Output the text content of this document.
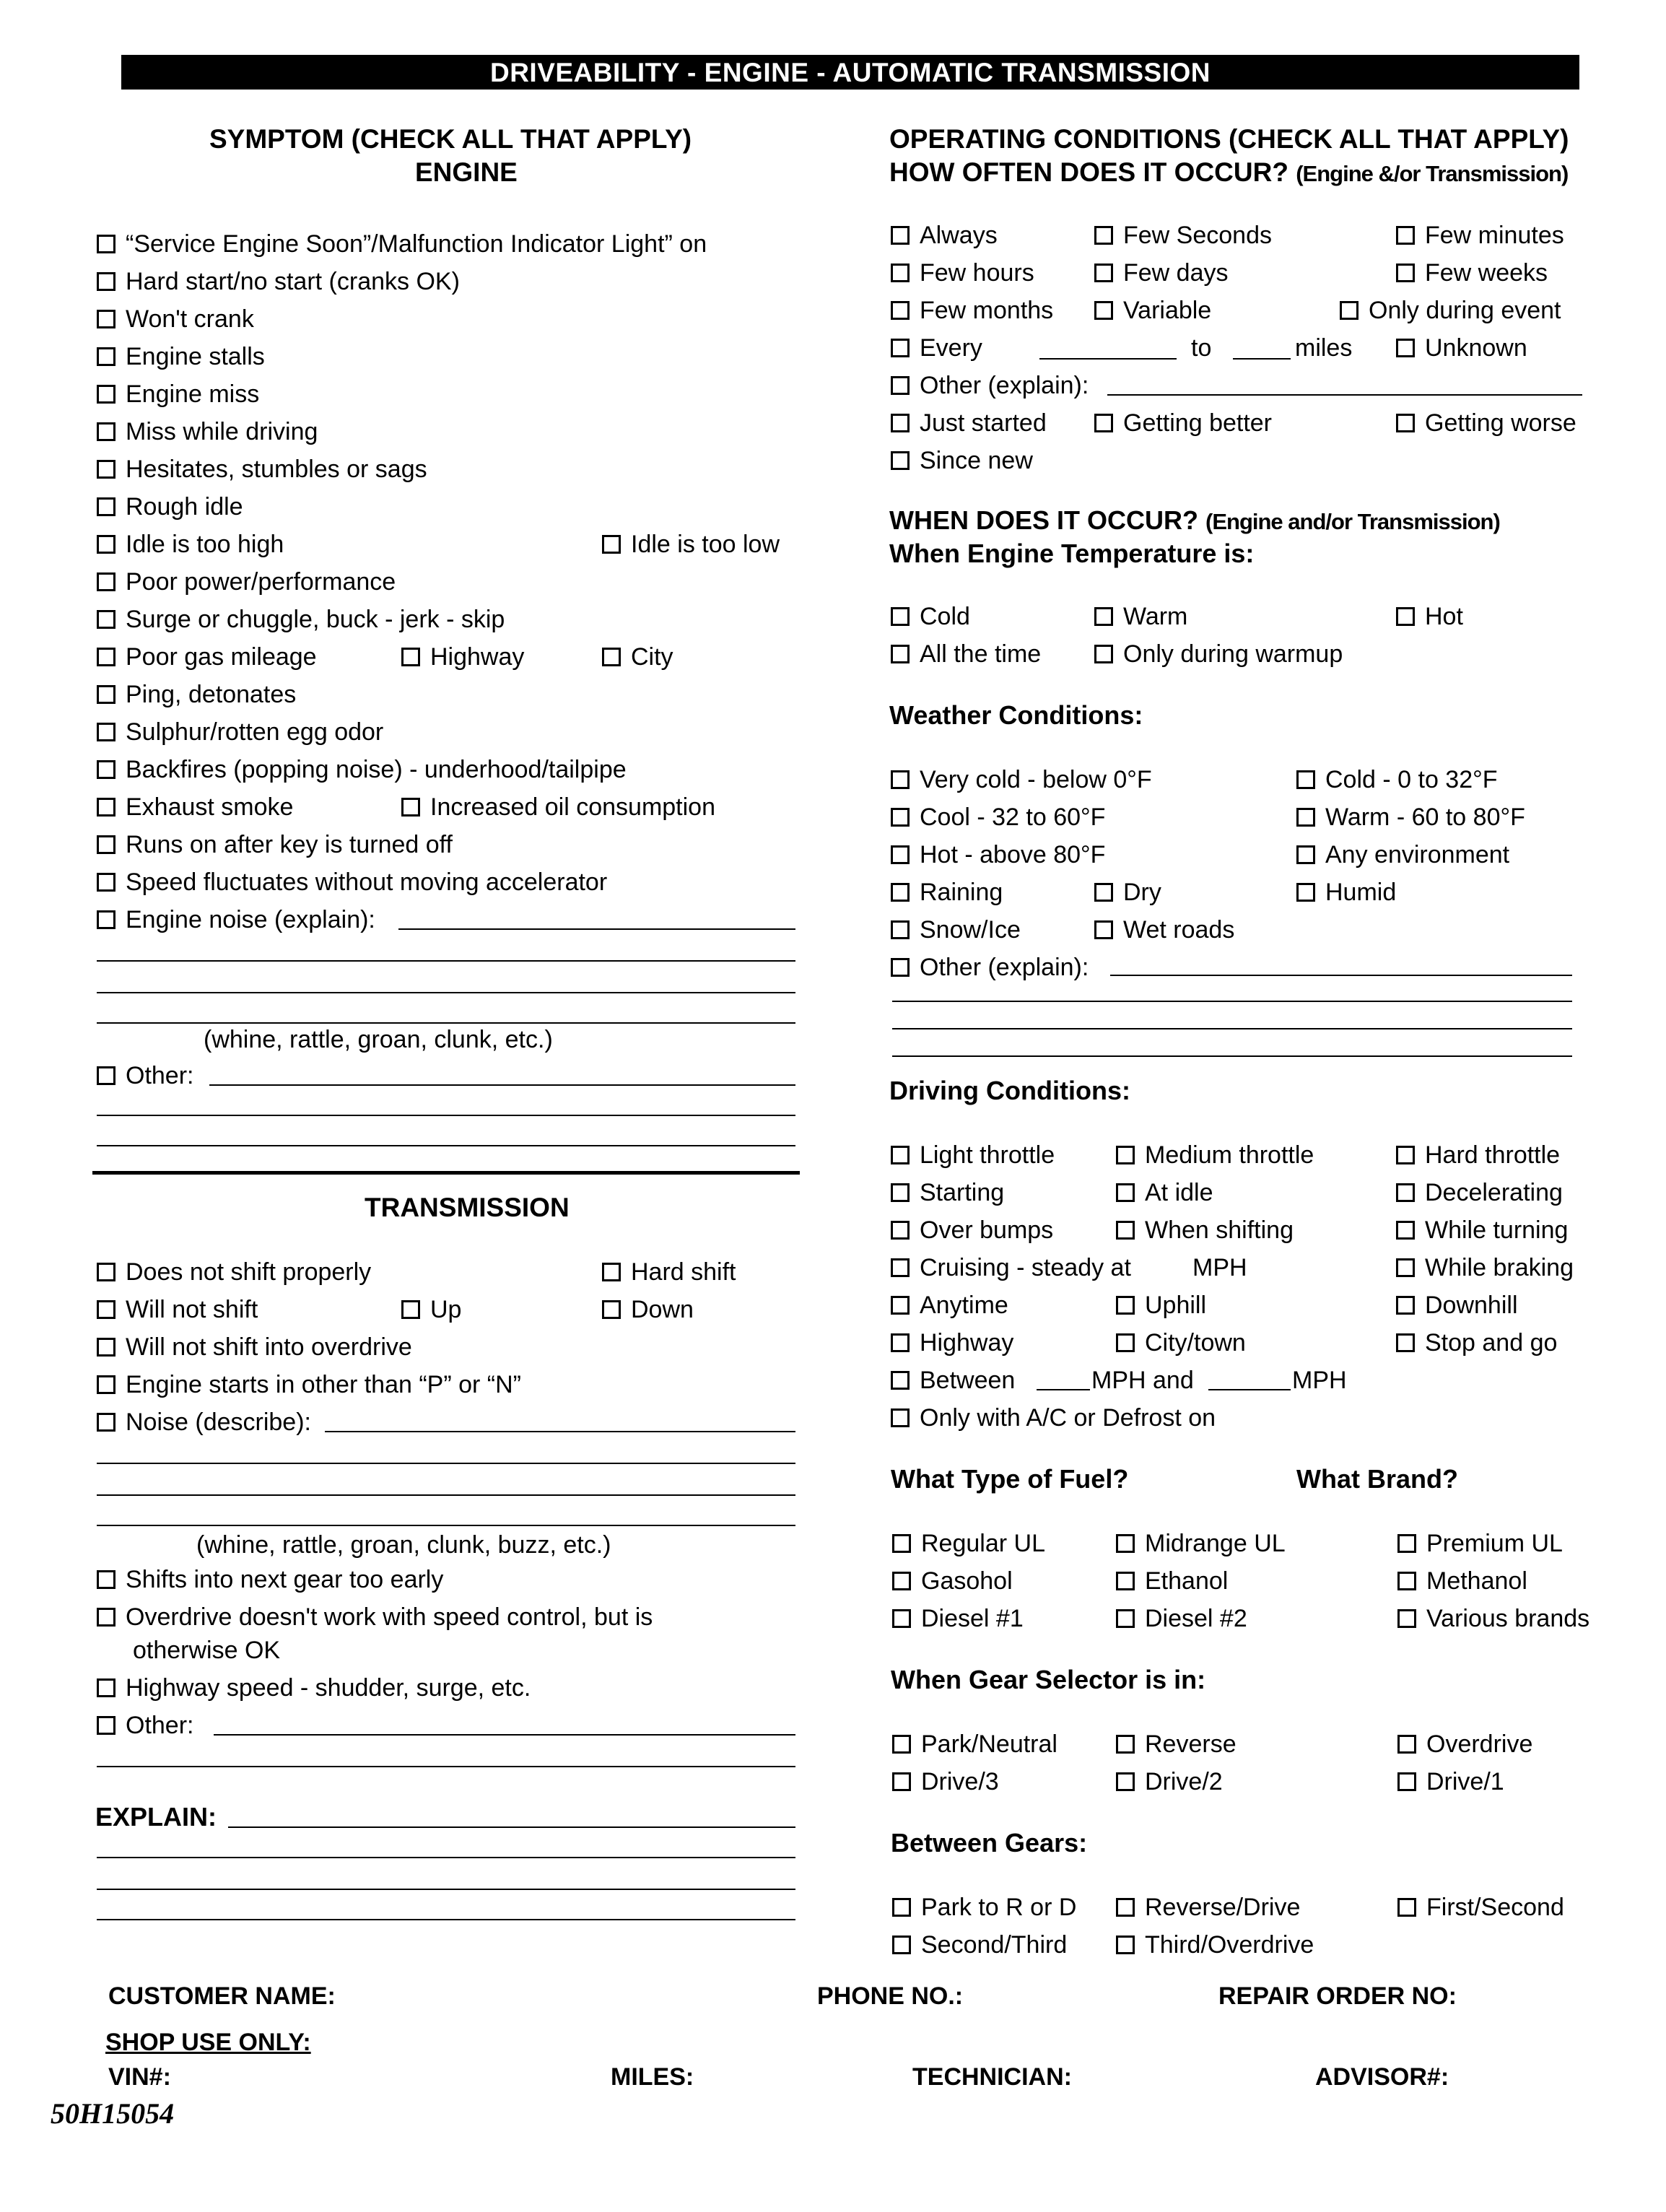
DRIVEABILITY - ENGINE - AUTOMATIC TRANSMISSION
SYMPTOM (CHECK ALL THAT APPLY)
ENGINE
“Service Engine Soon”/Malfunction Indicator Light” on
Hard start/no start (cranks OK)
Won't crank
Engine stalls
Engine miss
Miss while driving
Hesitates, stumbles or sags
Rough idle
Idle is too high	Idle is too low
Poor power/performance
Surge or chuggle, buck - jerk - skip
Poor gas mileage	Highway	City
Ping, detonates
Sulphur/rotten egg odor
Backfires (popping noise) - underhood/tailpipe
Exhaust smoke	Increased oil consumption
Runs on after key is turned off
Speed fluctuates without moving accelerator
Engine noise (explain):
(whine, rattle, groan, clunk, etc.)
Other:
TRANSMISSION
Does not shift properly	Hard shift
Will not shift	Up	Down
Will not shift into overdrive
Engine starts in other than “P” or “N”
Noise (describe):
(whine, rattle, groan, clunk, buzz, etc.)
Shifts into next gear too early
Overdrive doesn't work with speed control, but is
otherwise OK
Highway speed - shudder, surge, etc.
Other:
EXPLAIN:
OPERATING CONDITIONS (CHECK ALL THAT APPLY)
HOW OFTEN DOES IT OCCUR? (Engine &/or Transmission)
Always	Few Seconds	Few minutes
Few hours	Few days	Few weeks
Few months	Variable	Only during event
Every	to	miles	Unknown
Other (explain):
Just started	Getting better	Getting worse
Since new
WHEN DOES IT OCCUR? (Engine and/or Transmission)
When Engine Temperature is:
Cold	Warm	Hot
All the time	Only during warmup
Weather Conditions:
Very cold - below 0°F	Cold - 0 to 32°F
Cool - 32 to 60°F	Warm - 60 to 80°F
Hot - above 80°F	Any environment
Raining	Dry	Humid
Snow/Ice	Wet roads
Other (explain):
Driving Conditions:
Light throttle	Medium throttle	Hard throttle
Starting	At idle	Decelerating
Over bumps	When shifting	While turning
Cruising - steady at	MPH	While braking
Anytime	Uphill	Downhill
Highway	City/town	Stop and go
Between	MPH and	MPH
Only with A/C or Defrost on
What Type of Fuel?	What Brand?
Regular UL	Midrange UL	Premium UL
Gasohol	Ethanol	Methanol
Diesel #1	Diesel #2	Various brands
When Gear Selector is in:
Park/Neutral	Reverse	Overdrive
Drive/3	Drive/2	Drive/1
Between Gears:
Park to R or D	Reverse/Drive	First/Second
Second/Third	Third/Overdrive
CUSTOMER NAME:	PHONE NO.:	REPAIR ORDER NO:
SHOP USE ONLY:
VIN#:	MILES:	TECHNICIAN:	ADVISOR#:
50H15054
